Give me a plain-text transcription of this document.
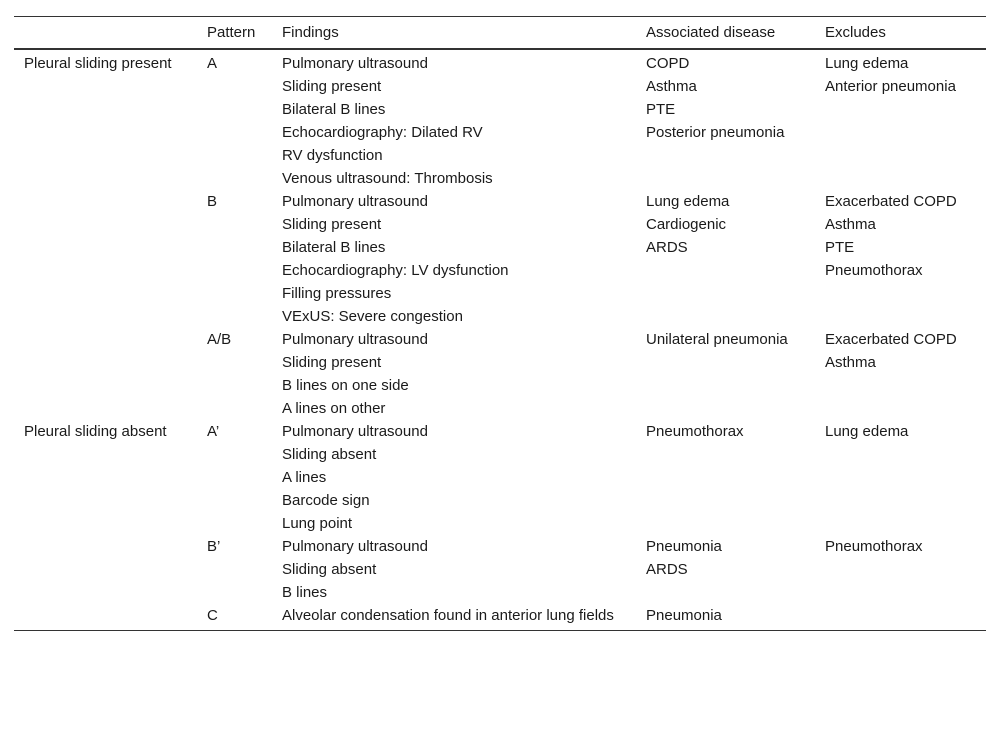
	Pattern	Findings	Associated disease	Excludes
Pleural sliding present	A	Pulmonary ultrasound	COPD	Lung edema
		Sliding present	Asthma	Anterior pneumonia
		Bilateral B lines	PTE	
		Echocardiography: Dilated RV	Posterior pneumonia	
		RV dysfunction		
		Venous ultrasound: Thrombosis		
	B	Pulmonary ultrasound	Lung edema	Exacerbated COPD
		Sliding present	Cardiogenic	Asthma
		Bilateral B lines	ARDS	PTE
		Echocardiography: LV dysfunction		Pneumothorax
		Filling pressures		
		VExUS: Severe congestion		
	A/B	Pulmonary ultrasound	Unilateral pneumonia	Exacerbated COPD
		Sliding present		Asthma
		B lines on one side		
		A lines on other		
Pleural sliding absent	A’	Pulmonary ultrasound	Pneumothorax	Lung edema
		Sliding absent		
		A lines		
		Barcode sign		
		Lung point		
	B’	Pulmonary ultrasound	Pneumonia	Pneumothorax
		Sliding absent	ARDS	
		B lines		
	C	Alveolar condensation found in anterior lung fields	Pneumonia	
